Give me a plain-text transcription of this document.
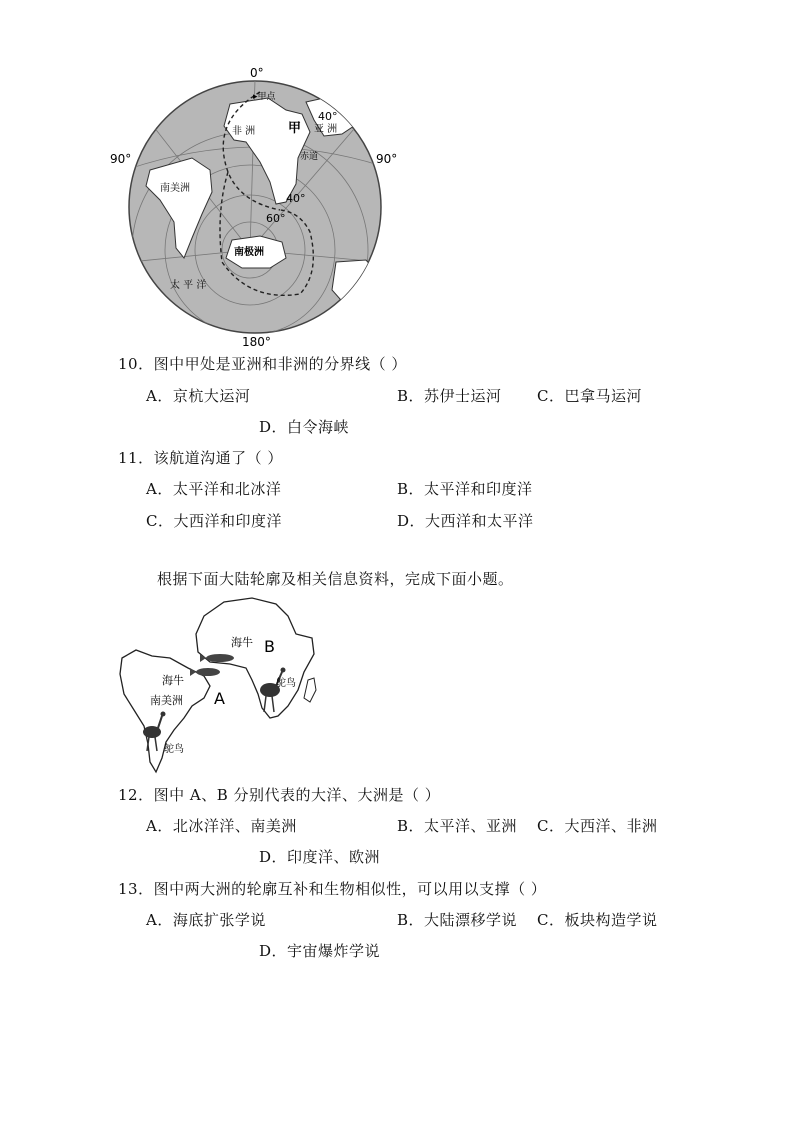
0°
90°	90°
180°
▸甲点
非 洲	甲 亚 洲
40°
赤道
南美洲
40°
60°
南极洲
太 平 洋
10．图中甲处是亚洲和非洲的分界线（ ）
A．京杭大运河	B．苏伊士运河 C．巴拿马运河
D．白令海峡
11．该航道沟通了（ ）
A．太平洋和北冰洋	B．太平洋和印度洋
C．大西洋和印度洋	D．大西洋和太平洋
根据下面大陆轮廓及相关信息资料，完成下面小题。
海牛 B
海牛
南美洲 A
鸵鸟
鸵鸟
12．图中 A、B 分别代表的大洋、大洲是（ ）
A．北冰洋洋、南美洲	B．太平洋、亚洲 C．大西洋、非洲
D．印度洋、欧洲
13．图中两大洲的轮廓互补和生物相似性，可以用以支撑（ ）
A．海底扩张学说	B．大陆漂移学说 C．板块构造学说
D．宇宙爆炸学说
